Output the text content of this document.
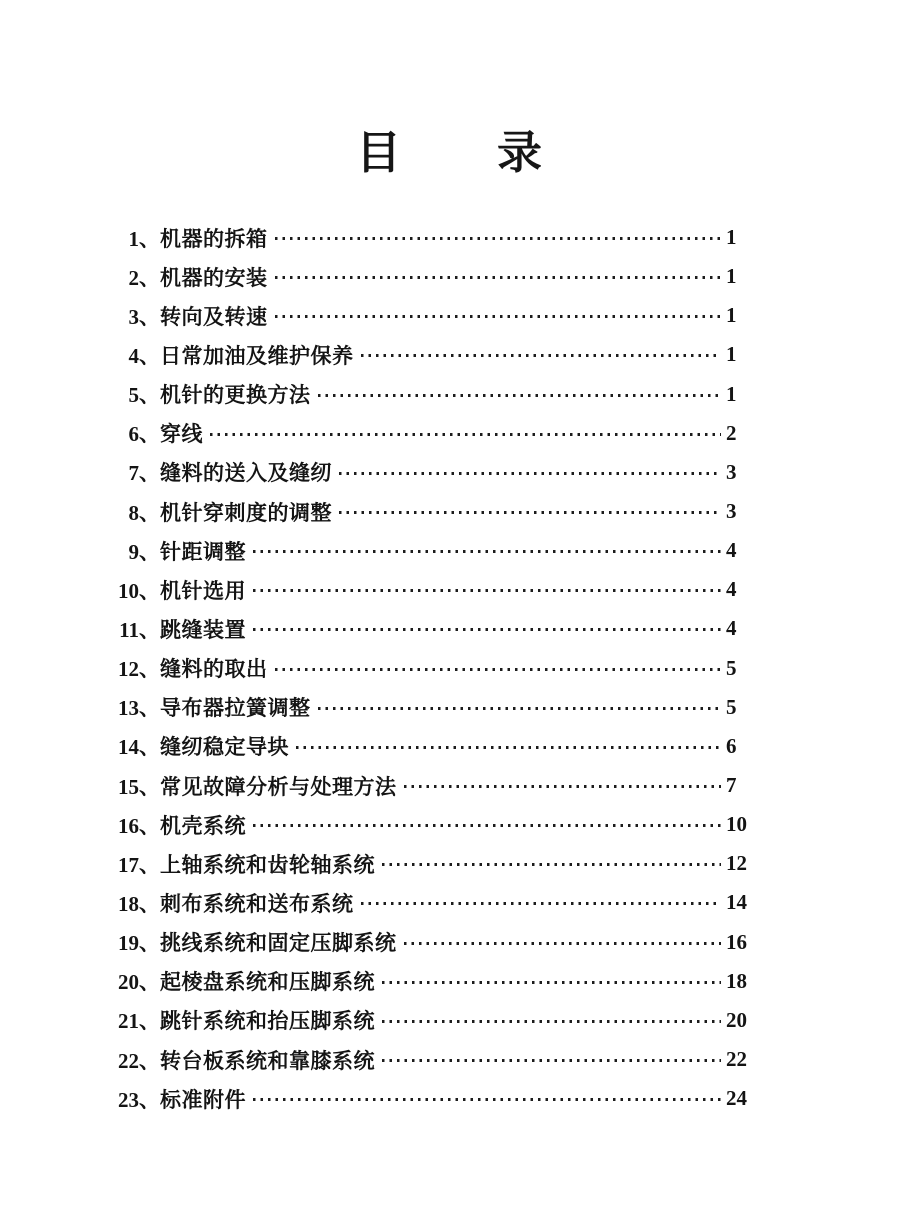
目　　录
1、 机器的拆箱	1
2、 机器的安装	1
3、 转向及转速	1
4、 日常加油及维护保养	1
5、 机针的更换方法	1
6、 穿线	2
7、 缝料的送入及缝纫	3
8、 机针穿刺度的调整	3
9、 针距调整	4
10、 机针选用	4
11、 跳缝装置	4
12、 缝料的取出	5
13、 导布器拉簧调整	5
14、 缝纫稳定导块	6
15、 常见故障分析与处理方法	7
16、 机壳系统	10
17、 上轴系统和齿轮轴系统	12
18、 刺布系统和送布系统	14
19、 挑线系统和固定压脚系统	16
20、 起棱盘系统和压脚系统	18
21、 跳针系统和抬压脚系统	20
22、 转台板系统和靠膝系统	22
23、 标准附件	24
